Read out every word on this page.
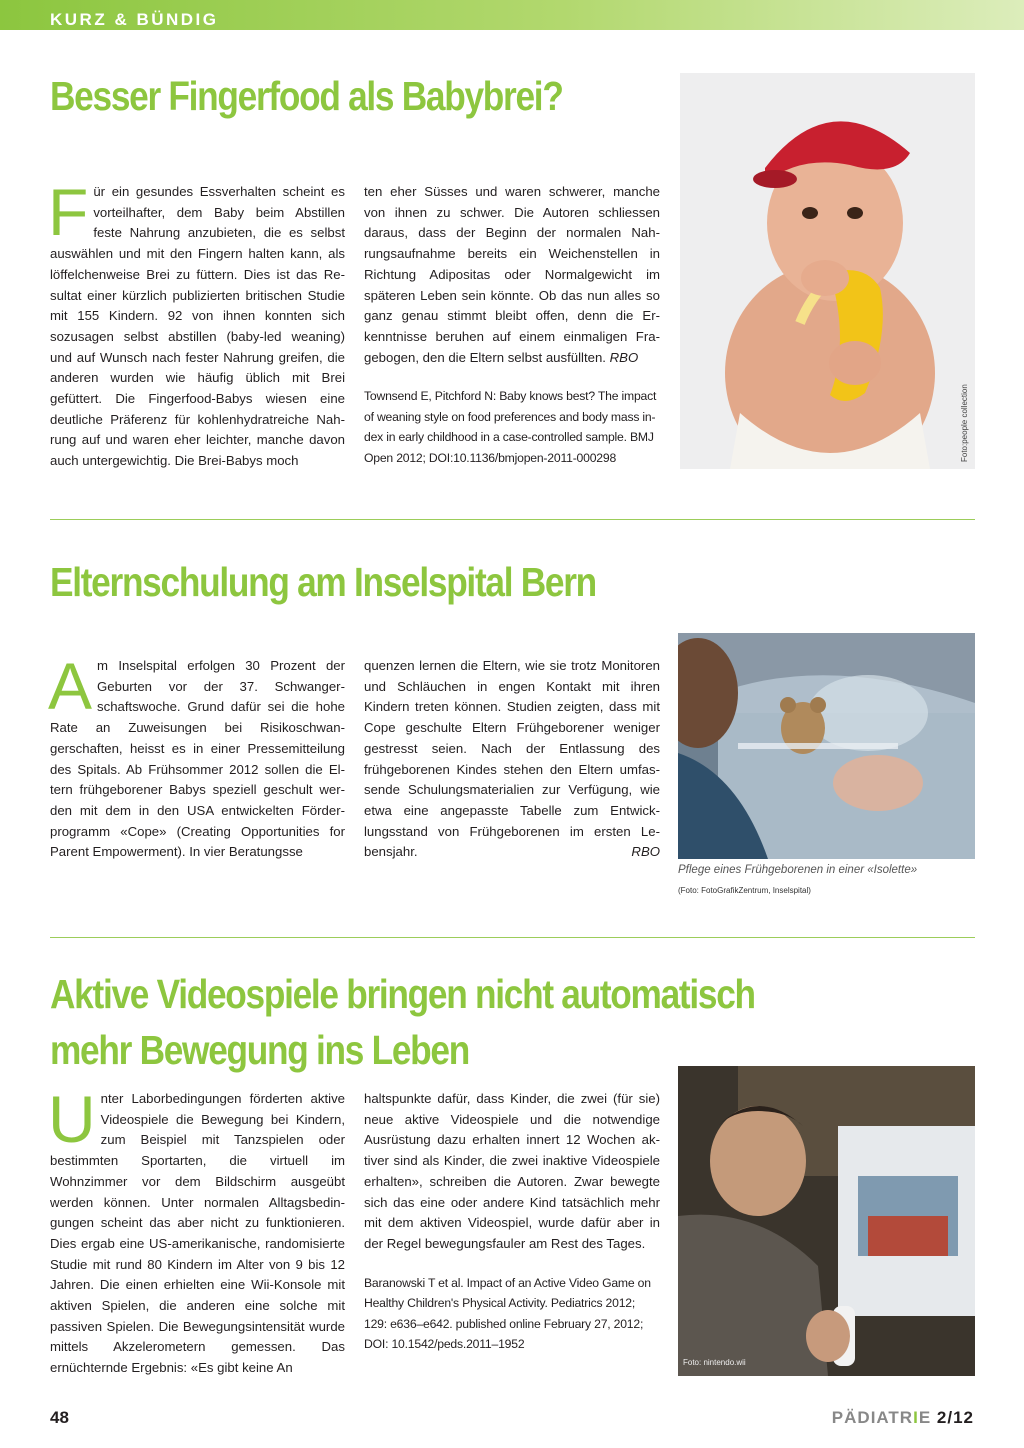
KURZ & BÜNDIG
Besser Fingerfood als Babybrei?

Für ein gesundes Essverhalten scheint es vorteilhafter, dem Baby beim Abstillen feste Nahrung anzubieten, die es selbst auswählen und mit den Fingern halten kann, als löffelchenweise Brei zu füttern. Dies ist das Resultat einer kürzlich publizierten britischen Studie mit 155 Kindern. 92 von ihnen konnten sich sozusagen selbst abstillen (baby-led weaning) und auf Wunsch nach fester Nahrung greifen, die anderen wurden wie häufig üblich mit Brei gefüttert. Die Fingerfood-Babys wiesen eine deutliche Präferenz für kohlenhydratreiche Nahrung auf und waren eher leichter, manche davon auch untergewichtig. Die Brei-Babys moch

ten eher Süsses und waren schwerer, manche von ihnen zu schwer. Die Autoren schliessen daraus, dass der Beginn der normalen Nahrungsaufnahme bereits ein Weichenstellen in Richtung Adipositas oder Normalgewicht im späteren Leben sein könnte. Ob das nun alles so ganz genau stimmt bleibt offen, denn die Erkenntnisse beruhen auf einem einmaligen Fragebogen, den die Eltern selbst ausfüllten. RBO

Townsend E, Pitchford N: Baby knows best? The impact of weaning style on food preferences and body mass index in early childhood in a case-controlled sample. BMJ Open 2012; DOI:10.1136/bmjopen-2011-000298	Foto:people collection
Elternschulung am Inselspital Bern

Am Inselspital erfolgen 30 Prozent der Geburten vor der 37. Schwangerschaftswoche. Grund dafür sei die hohe Rate an Zuweisungen bei Risikoschwangerschaften, heisst es in einer Pressemitteilung des Spitals. Ab Frühsommer 2012 sollen die Eltern frühgeborener Babys speziell geschult werden mit dem in den USA entwickelten Förderprogramm «Cope» (Creating Opportunities for Parent Empowerment). In vier Beratungsse

quenzen lernen die Eltern, wie sie trotz Monitoren und Schläuchen in engen Kontakt mit ihren Kindern treten können. Studien zeigten, dass mit Cope geschulte Eltern Frühgeborener weniger gestresst seien. Nach der Entlassung des frühgeborenen Kindes stehen den Eltern umfassende Schulungsmaterialien zur Verfügung, wie etwa eine angepasste Tabelle zum Entwicklungsstand von Frühgeborenen im ersten Lebensjahr.	RBO

Pflege eines Frühgeborenen in einer «Isolette»
(Foto: FotoGrafikZentrum, Inselspital)
Aktive Videospiele bringen nicht automatisch
mehr Bewegung ins Leben

Unter Laborbedingungen förderten aktive Videospiele die Bewegung bei Kindern, zum Beispiel mit Tanzspielen oder bestimmten Sportarten, die virtuell im Wohnzimmer vor dem Bildschirm ausgeübt werden können. Unter normalen Alltagsbedingungen scheint das aber nicht zu funktionieren. Dies ergab eine US-amerikanische, randomisierte Studie mit rund 80 Kindern im Alter von 9 bis 12 Jahren. Die einen erhielten eine Wii-Konsole mit aktiven Spielen, die anderen eine solche mit passiven Spielen. Die Bewegungsintensität wurde mittels Akzelerometern gemessen. Das ernüchternde Ergebnis: «Es gibt keine An

haltspunkte dafür, dass Kinder, die zwei (für sie) neue aktive Videospiele und die notwendige Ausrüstung dazu erhalten innert 12 Wochen aktiver sind als Kinder, die zwei inaktive Videospiele erhalten», schreiben die Autoren. Zwar bewegte sich das eine oder andere Kind tatsächlich mehr mit dem aktiven Videospiel, wurde dafür aber in der Regel bewegungsfauler am Rest des Tages.

Baranowski T et al. Impact of an Active Video Game on Healthy Children's Physical Activity. Pediatrics 2012; 129: e636–e642. published online February 27, 2012; DOI: 10.1542/peds.2011–1952

Foto: nintendo.wii
48	PÄDIATRIE 2/12
